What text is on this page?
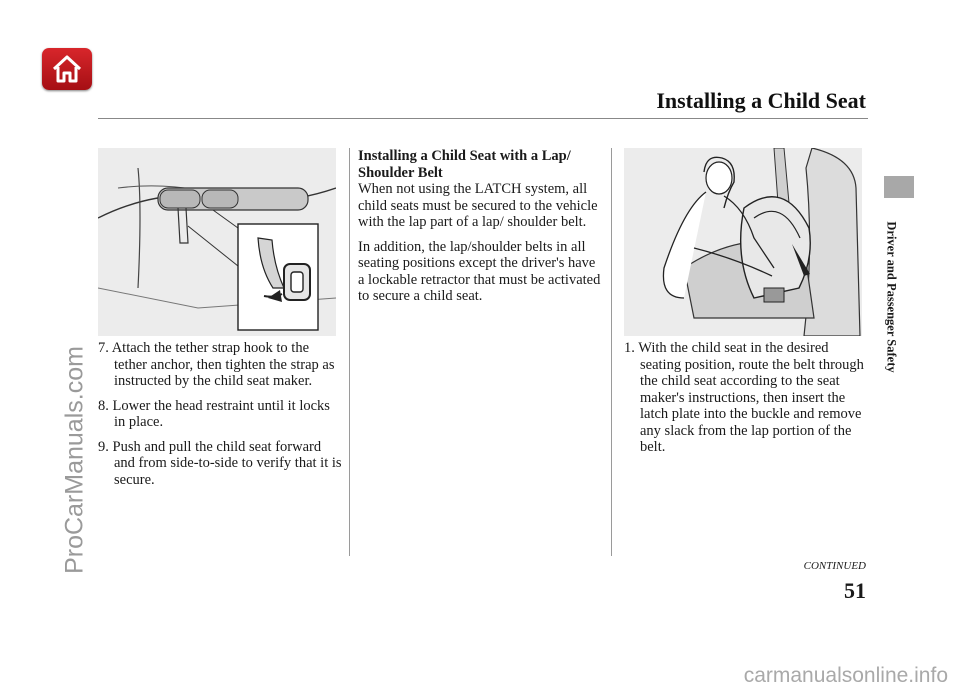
Installing a Child Seat
Driver and Passenger Safety

7. Attach the tether strap hook to the tether anchor, then tighten the strap as instructed by the child seat maker.

8. Lower the head restraint until it locks in place.

9. Push and pull the child seat forward and from side-to-side to verify that it is secure.

Installing a Child Seat with a Lap/
Shoulder Belt

When not using the LATCH system, all child seats must be secured to the vehicle with the lap part of a lap/ shoulder belt.

In addition, the lap/shoulder belts in all seating positions except the driver's have a lockable retractor that must be activated to secure a child seat.

1. With the child seat in the desired seating position, route the belt through the child seat according to the seat maker's instructions, then insert the latch plate into the buckle and remove any slack from the lap portion of the belt.

CONTINUED
51
ProCarManuals.com
carmanualsonline.info
